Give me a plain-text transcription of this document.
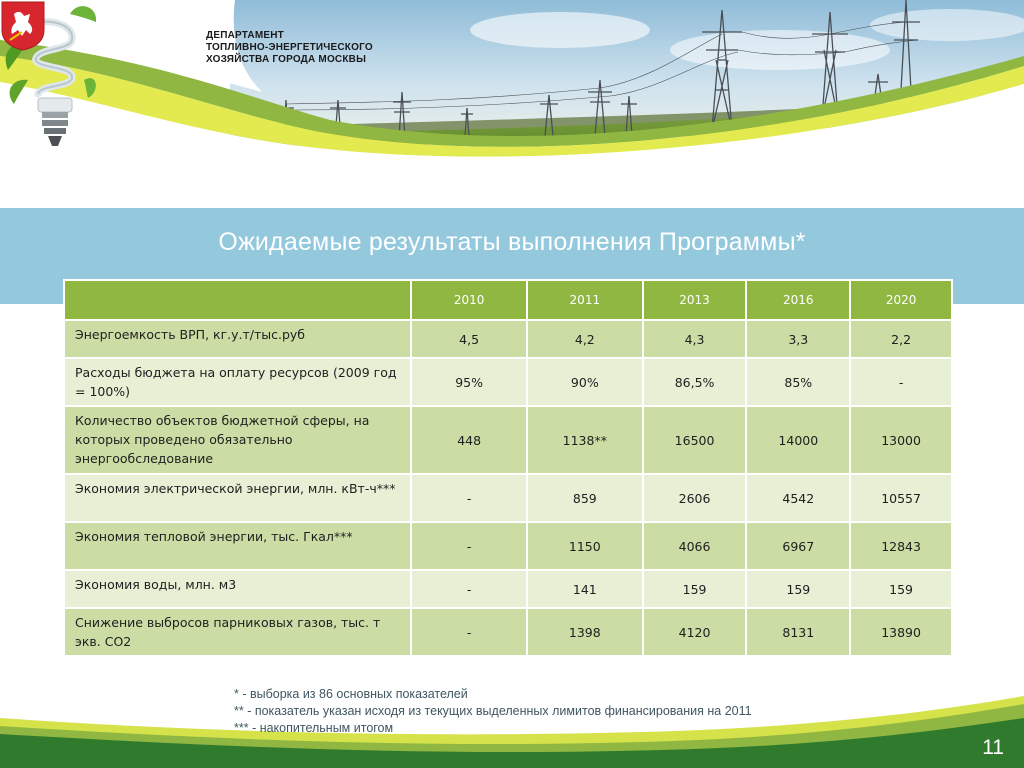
ДЕПАРТАМЕНТ
ТОПЛИВНО-ЭНЕРГЕТИЧЕСКОГО
ХОЗЯЙСТВА ГОРОДА МОСКВЫ
Ожидаемые результаты выполнения Программы*
	2010	2011	2013	2016	2020
Энергоемкость ВРП, кг.у.т/тыс.руб	4,5	4,2	4,3	3,3	2,2
Расходы бюджета на оплату ресурсов (2009 год = 100%)	95%	90%	86,5%	85%	-
Количество объектов бюджетной сферы, на которых проведено обязательно энергообследование	448	1138**	16500	14000	13000
Экономия электрической энергии, млн. кВт-ч***	-	859	2606	4542	10557
Экономия тепловой энергии, тыс. Гкал***	-	1150	4066	6967	12843
Экономия воды, млн. м3	-	141	159	159	159
Снижение выбросов парниковых газов, тыс. т экв. СО2	-	1398	4120	8131	13890
* - выборка из 86 основных показателей
** - показатель указан исходя из текущих выделенных лимитов финансирования на 2011
*** - накопительным итогом
11
